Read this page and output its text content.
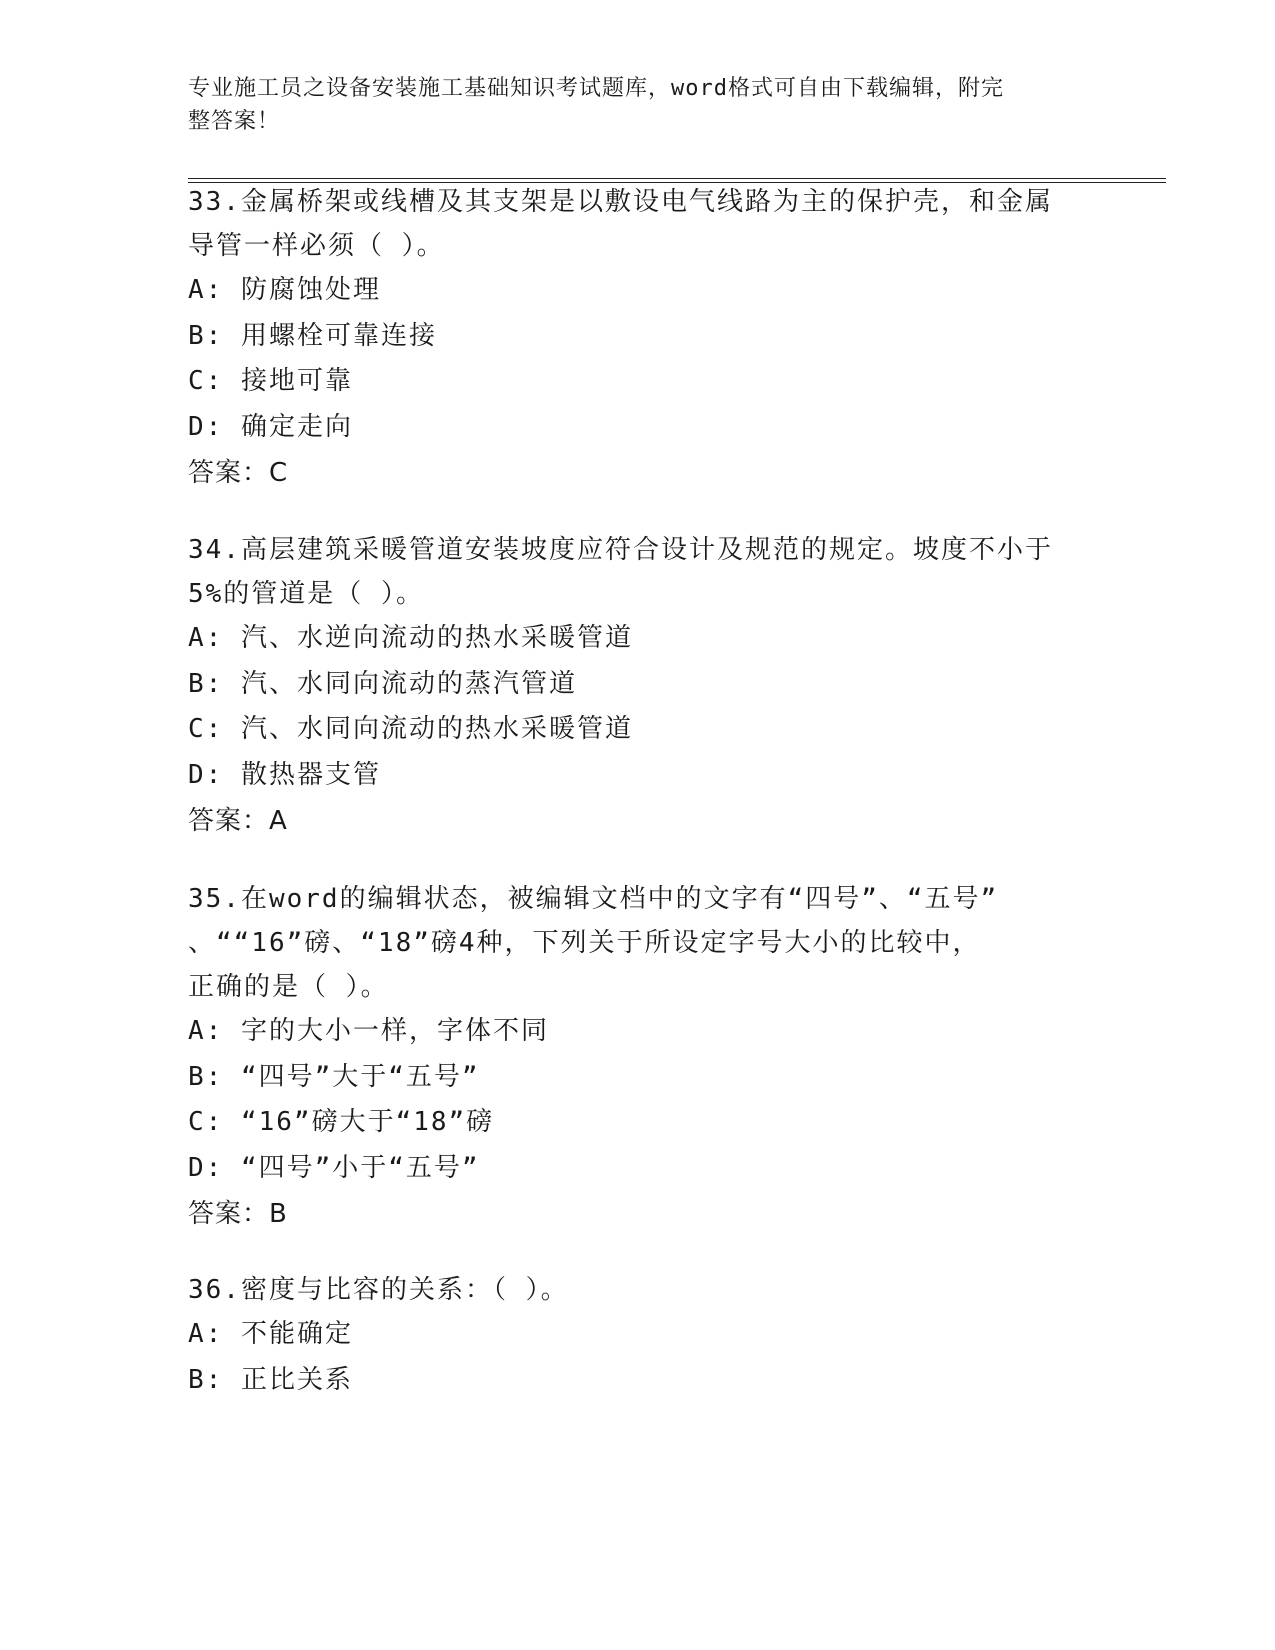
专业施工员之设备安装施工基础知识考试题库，word格式可自由下载编辑，附完
整答案！
33.金属桥架或线槽及其支架是以敷设电气线路为主的保护壳，和金属
导管一样必须（ ）。
A: 防腐蚀处理
B: 用螺栓可靠连接
C: 接地可靠
D: 确定走向
答案：C
34.高层建筑采暖管道安装坡度应符合设计及规范的规定。坡度不小于
5%的管道是（ ）。
A: 汽、水逆向流动的热水采暖管道
B: 汽、水同向流动的蒸汽管道
C: 汽、水同向流动的热水采暖管道
D: 散热器支管
答案：A
35.在word的编辑状态，被编辑文档中的文字有“四号”、“五号”
、““16”磅、“18”磅4种，下列关于所设定字号大小的比较中，
正确的是（ ）。
A: 字的大小一样，字体不同
B: “四号”大于“五号”
C: “16”磅大于“18”磅
D: “四号”小于“五号”
答案：B
36.密度与比容的关系：（ ）。
A: 不能确定
B: 正比关系
